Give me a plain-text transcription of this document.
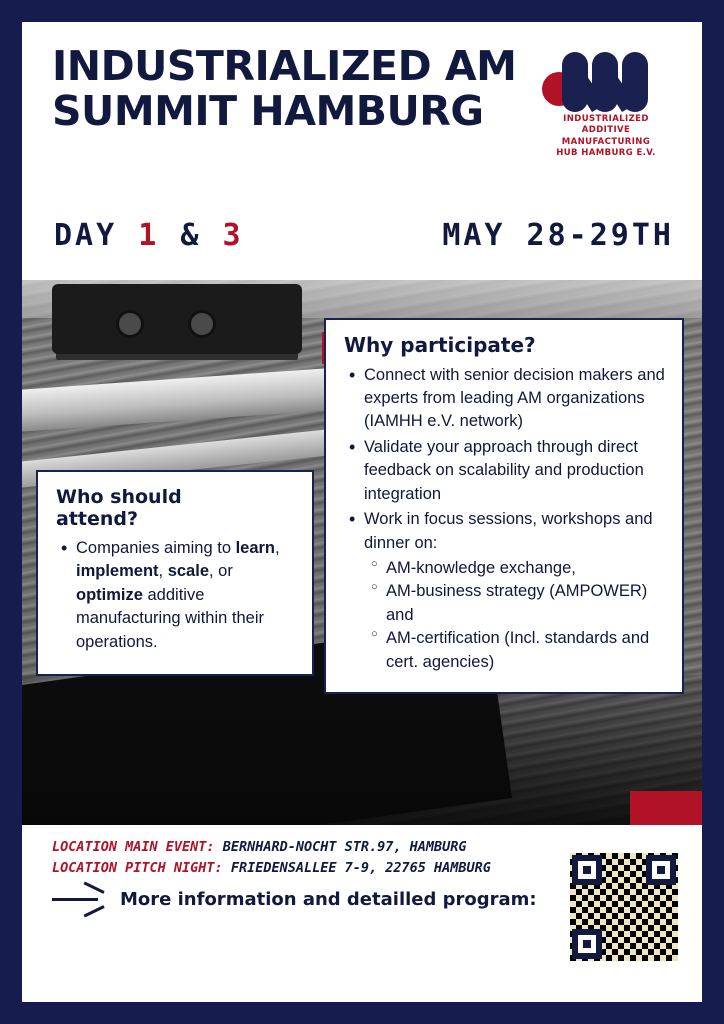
INDUSTRIALIZED AM
SUMMIT HAMBURG	INDUSTRIALIZED
ADDITIVE MANUFACTURING
HUB HAMBURG E.V.
DAY 1 & 3	MAY 28-29TH
Why participate?
• Connect with senior decision makers and experts from leading AM organizations (IAMHH e.V. network)
• Validate your approach through direct feedback on scalability and production integration
• Work in focus sessions, workshops and dinner on:
○ AM-knowledge exchange,
○ AM-business strategy (AMPOWER) and
○ AM-certification (Incl. standards and cert. agencies)
Who should
attend?
• Companies aiming to learn, implement, scale, or optimize additive manufacturing within their operations.
LOCATION MAIN EVENT: BERNHARD-NOCHT STR.97, HAMBURG
LOCATION PITCH NIGHT: FRIEDENSALLEE 7-9, 22765 HAMBURG
More information and detailled program:
